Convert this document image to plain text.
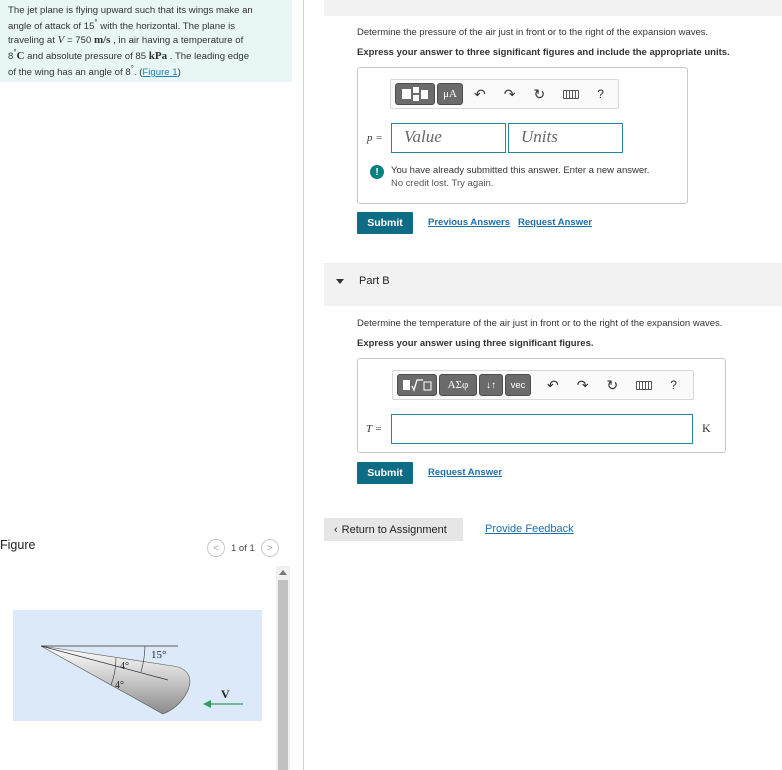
The jet plane is flying upward such that its wings make an
angle of attack of 15° with the horizontal. The plane is
traveling at V = 750 m/s , in air having a temperature of
8°C and absolute pressure of 85 kPa . The leading edge
of the wing has an angle of 8°. (Figure 1)
Figure	<	1 of 1	>
15°
4°
4°
V
Determine the pressure of the air just in front or to the right of the expansion waves.
Express your answer to three significant figures and include the appropriate units.
μA	↶ ↷ ↻	?
p =	Value	Units
!	You have already submitted this answer. Enter a new answer.
No credit lost. Try again.
Submit	Previous Answers Request Answer
Part B
Determine the temperature of the air just in front or to the right of the expansion waves.
Express your answer using three significant figures.
ΑΣφ	↓↑	vec	↶ ↷ ↻	?
T =	K
Submit	Request Answer
‹ Return to Assignment	Provide Feedback
